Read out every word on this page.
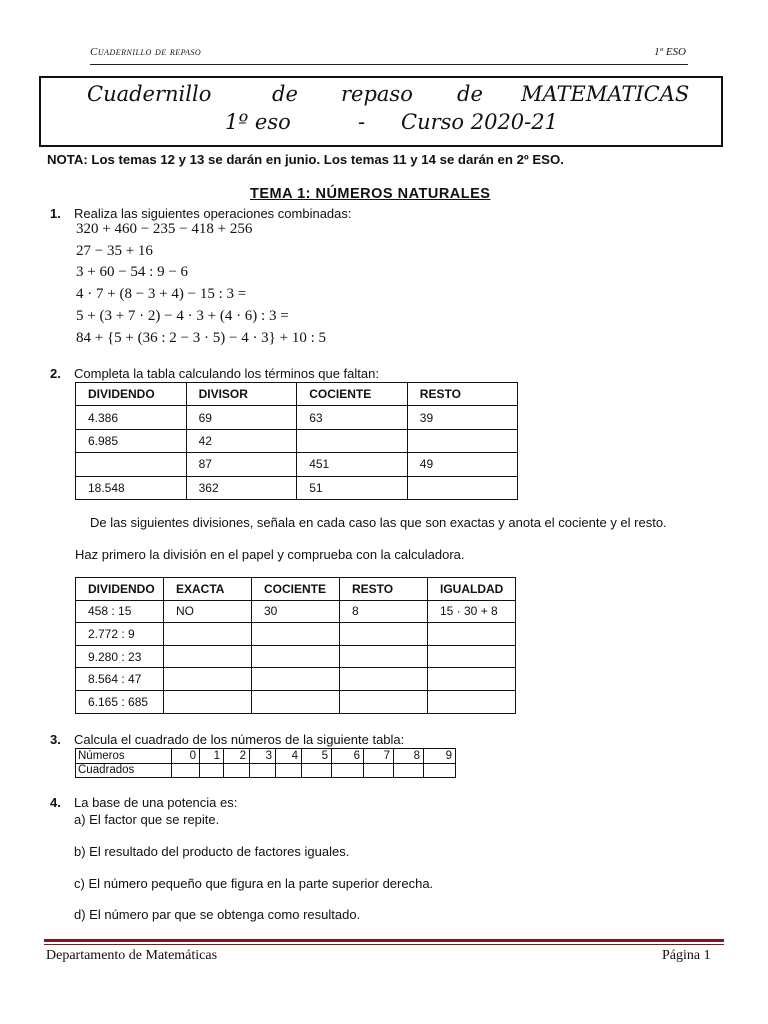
Cuadernillo de repaso	1º ESO
Cuadernillo	de repaso de MATEMATICAS
1º eso	- Curso 2020-21
NOTA: Los temas 12 y 13 se darán en junio. Los temas 11 y 14 se darán en 2º ESO.
TEMA 1: NÚMEROS NATURALES
1. Realiza las siguientes operaciones combinadas:
320 + 460 − 235 − 418 + 256
27 − 35 + 16
3 + 60 − 54 : 9 − 6
4 · 7 + (8 − 3 + 4) − 15 : 3 =
5 + (3 + 7 · 2) − 4 · 3 + (4 · 6) : 3 =
84 + {5 + (36 : 2 − 3 · 5) − 4 · 3} + 10 : 5
2. Completa la tabla calculando los términos que faltan:
DIVIDENDO	DIVISOR	COCIENTE	RESTO
4.386	69	63	39
6.985	42		
	87	451	49
18.548	362	51	
De las siguientes divisiones, señala en cada caso las que son exactas y anota el cociente y el resto.
Haz primero la división en el papel y comprueba con la calculadora.
DIVIDENDO	EXACTA	COCIENTE	RESTO	IGUALDAD
458 : 15	NO	30	8	15 · 30 + 8
2.772 : 9				
9.280 : 23				
8.564 : 47				
6.165 : 685				
3. Calcula el cuadrado de los números de la siguiente tabla:
Números	0	1	2	3	4	5	6	7	8	9
Cuadrados										
4. La base de una potencia es:
a) El factor que se repite.
b) El resultado del producto de factores iguales.
c) El número pequeño que figura en la parte superior derecha.
d) El número par que se obtenga como resultado.
Departamento de Matemáticas	Página 1
